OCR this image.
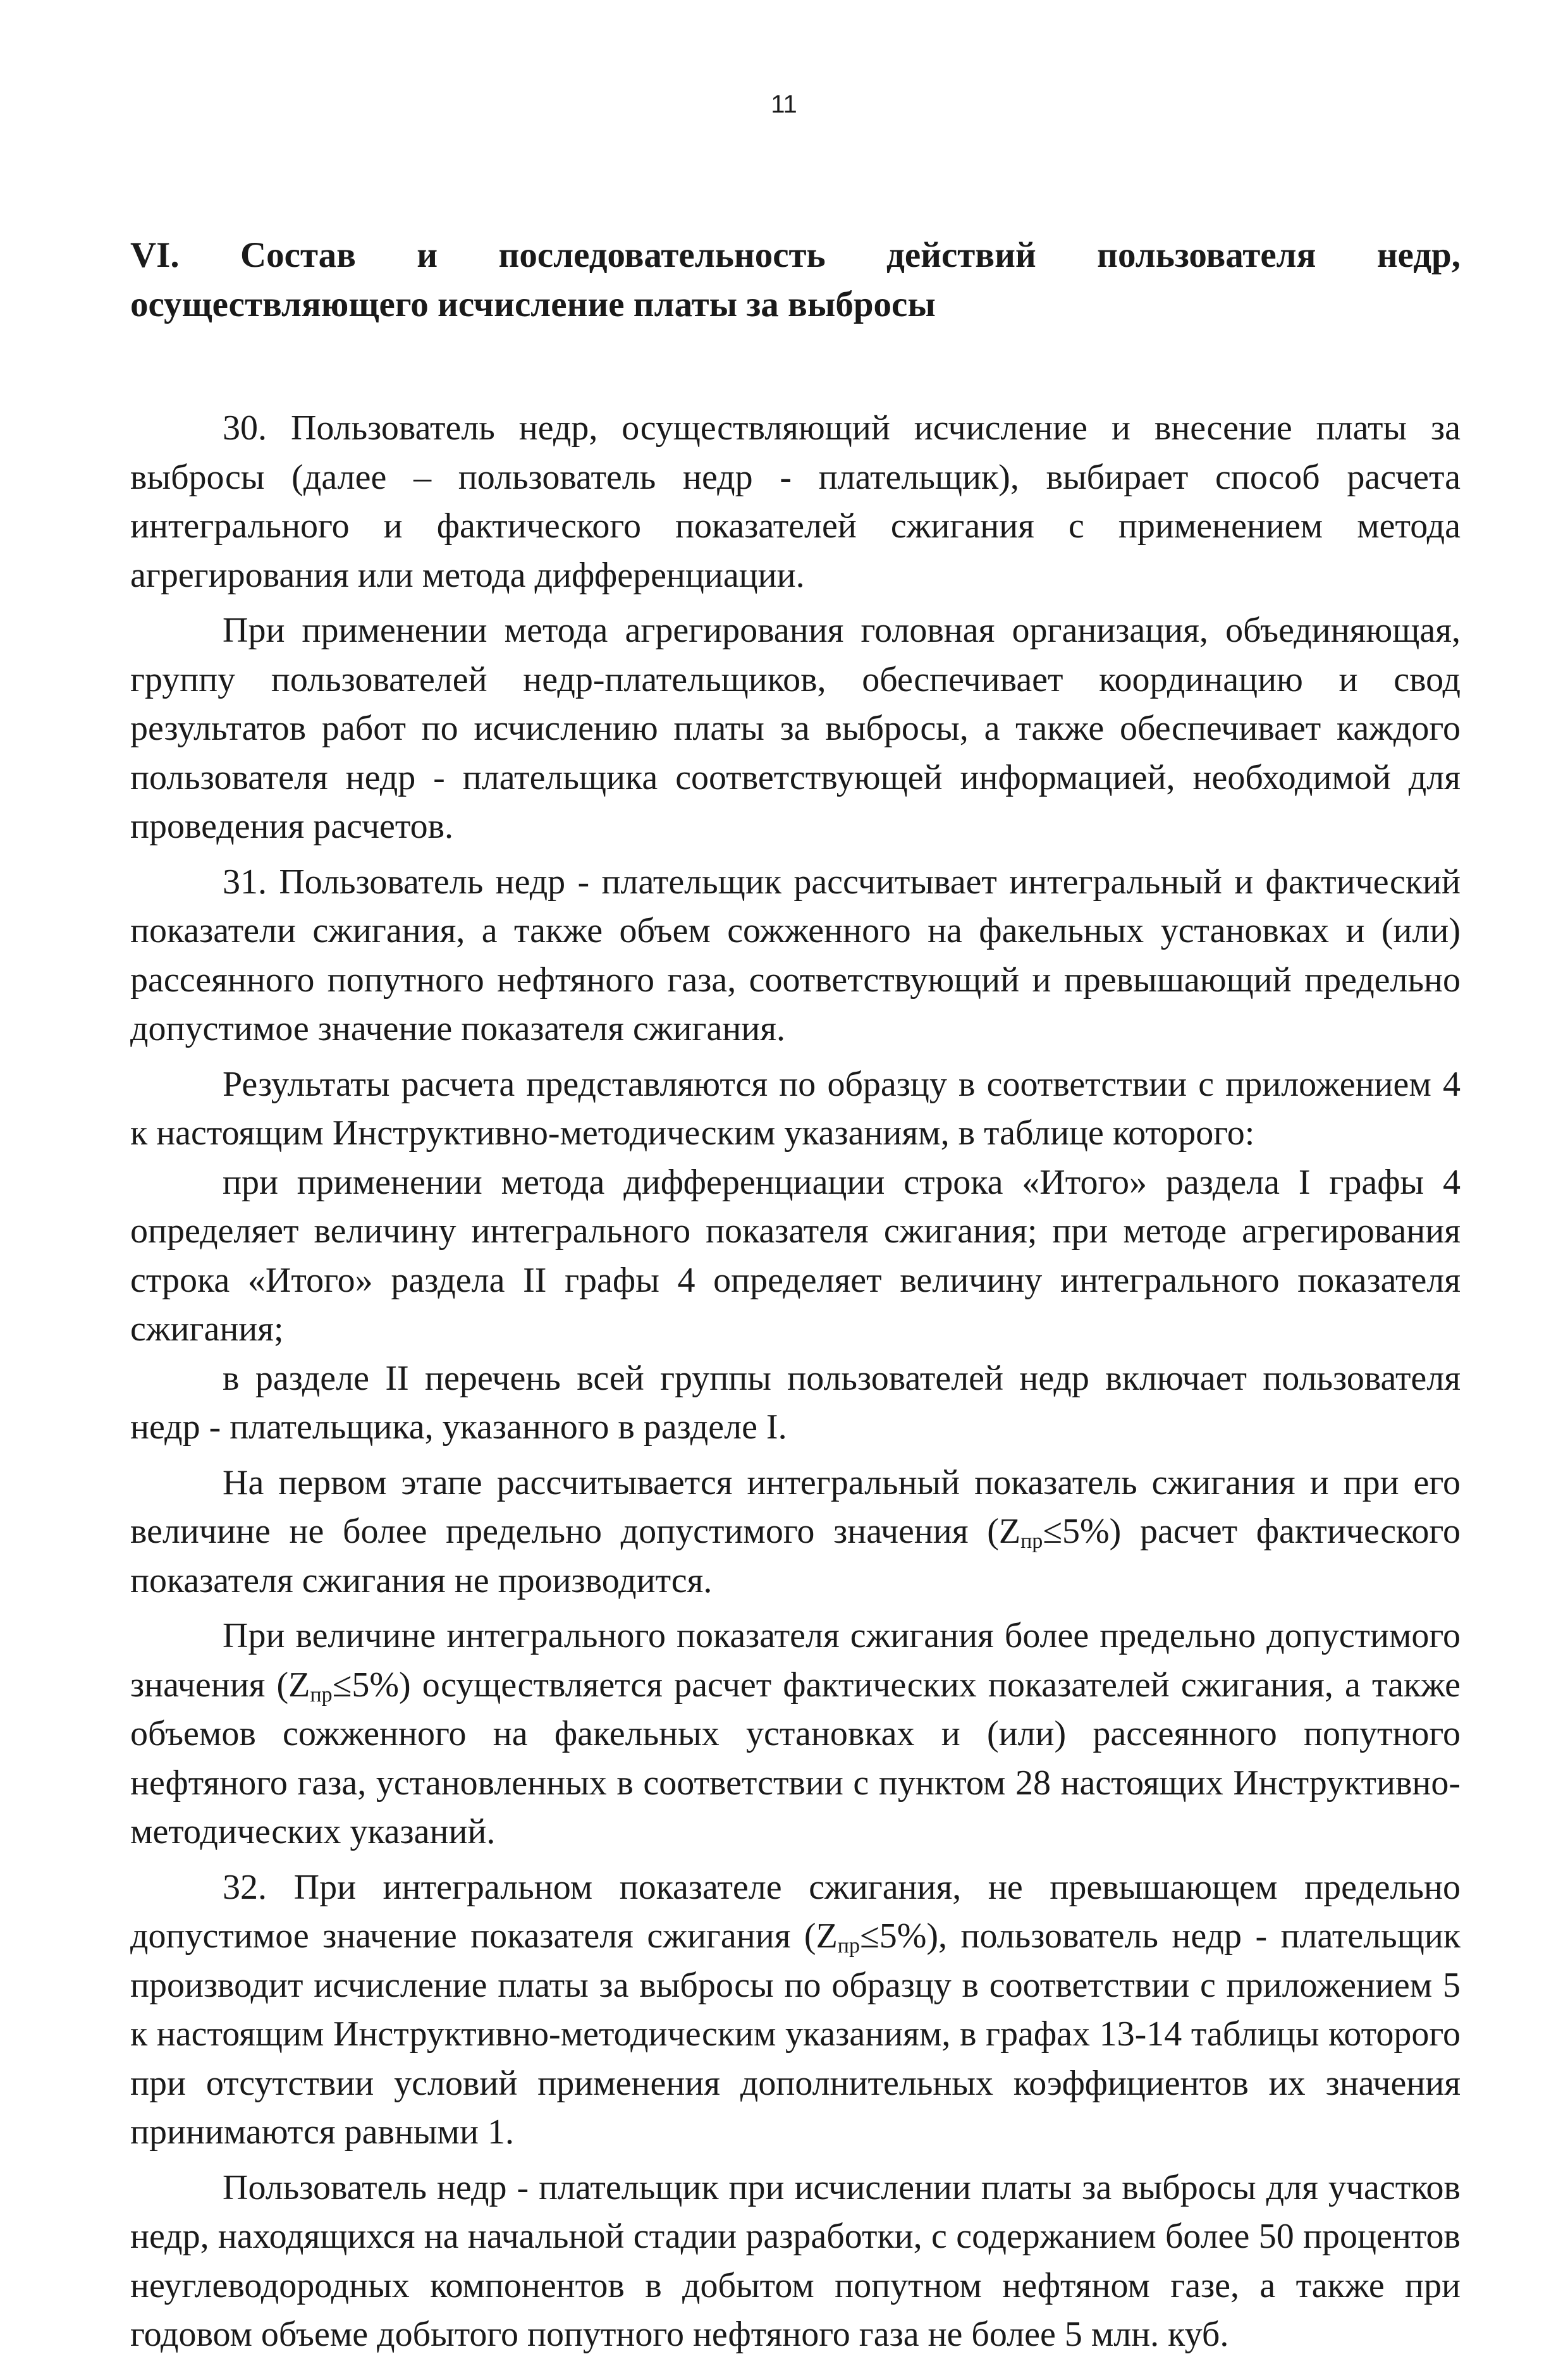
11
VI. Состав и последовательность действий пользователя недр,
осуществляющего исчисление платы за выбросы

30. Пользователь недр, осуществляющий исчисление и внесение платы за выбросы (далее – пользователь недр - плательщик), выбирает способ расчета интегрального и фактического показателей сжигания с применением метода агрегирования или метода дифференциации.

При применении метода агрегирования головная организация, объединяющая, группу пользователей недр-плательщиков, обеспечивает координацию и свод результатов работ по исчислению платы за выбросы, а также обеспечивает каждого пользователя недр - плательщика соответствующей информацией, необходимой для проведения расчетов.

31. Пользователь недр - плательщик рассчитывает интегральный и фактический показатели сжигания, а также объем сожженного на факельных установках и (или) рассеянного попутного нефтяного газа, соответствующий и превышающий предельно допустимое значение показателя сжигания.

Результаты расчета представляются по образцу в соответствии с приложением 4 к настоящим Инструктивно-методическим указаниям, в таблице которого:

при применении метода дифференциации строка «Итого» раздела I графы 4 определяет величину интегрального показателя сжигания; при методе агрегирования строка «Итого» раздела II графы 4 определяет величину интегрального показателя сжигания;

в разделе II перечень всей группы пользователей недр включает пользователя недр - плательщика, указанного в разделе I.

На первом этапе рассчитывается интегральный показатель сжигания и при его величине не более предельно допустимого значения $(Z_{пр}\le 5\%)$ расчет фактического показателя сжигания не производится.

При величине интегрального показателя сжигания более предельно допустимого значения $(Z_{пр}\le 5\%)$ осуществляется расчет фактических показателей сжигания, а также объемов сожженного на факельных установках и (или) рассеянного попутного нефтяного газа, установленных в соответствии с пунктом 28 настоящих Инструктивно-методических указаний.

32. При интегральном показателе сжигания, не превышающем предельно допустимое значение показателя сжигания $(Z_{пр}\le 5\%)$, пользователь недр - плательщик производит исчисление платы за выбросы по образцу в соответствии с приложением 5 к настоящим Инструктивно-методическим указаниям, в графах 13-14 таблицы которого при отсутствии условий применения дополнительных коэффициентов их значения принимаются равными 1.

Пользователь недр - плательщик при исчислении платы за выбросы для участков недр, находящихся на начальной стадии разработки, с содержанием более 50 процентов неуглеводородных компонентов в добытом попутном нефтяном газе, а также при годовом объеме добытого попутного нефтяного газа не более 5 млн. куб.
